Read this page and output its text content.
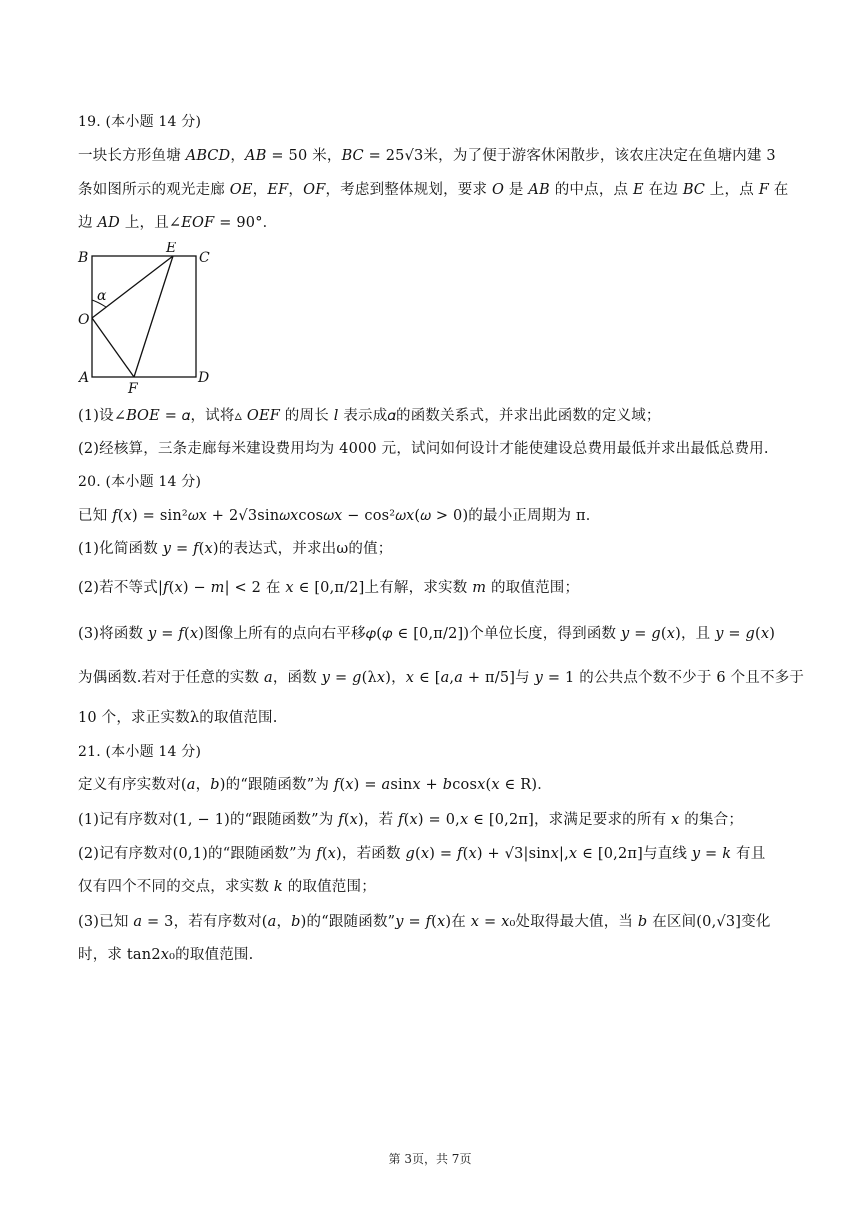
19. (本小题 14 分)
一块长方形鱼塘 𝐴𝐵𝐶𝐷，𝐴𝐵 = 50 米，𝐵𝐶 = 25√3米，为了便于游客休闲散步，该农庄决定在鱼塘内建 3
条如图所示的观光走廊 𝑂𝐸，𝐸𝐹，𝑂𝐹，考虑到整体规划，要求 𝑂 是 𝐴𝐵 的中点，点 𝐸 在边 𝐵𝐶 上，点 𝐹 在
边 𝐴𝐷 上，且∠𝐸𝑂𝐹 = 90°．
B
E
C
α
O
A
F
D
(1)设∠𝐵𝑂𝐸 = 𝛼，试将▵ 𝑂𝐸𝐹 的周长 𝑙 表示成𝛼的函数关系式，并求出此函数的定义域；
(2)经核算，三条走廊每米建设费用均为 4000 元，试问如何设计才能使建设总费用最低并求出最低总费用.
20. (本小题 14 分)
已知 𝑓(𝑥) = sin²𝜔𝑥 + 2√3sin𝜔𝑥cos𝜔𝑥 − cos²𝜔𝑥(𝜔 > 0)的最小正周期为 π．
(1)化简函数 𝑦 = 𝑓(𝑥)的表达式，并求出ω的值；
(2)若不等式|𝑓(𝑥) − 𝑚| < 2 在 𝑥 ∈ [0,π/2]上有解，求实数 𝑚 的取值范围；
(3)将函数 𝑦 = 𝑓(𝑥)图像上所有的点向右平移𝜑(𝜑 ∈ [0,π/2])个单位长度，得到函数 𝑦 = 𝑔(𝑥)，且 𝑦 = 𝑔(𝑥)
为偶函数.若对于任意的实数 𝑎，函数 𝑦 = 𝑔(λ𝑥)，𝑥 ∈ [𝑎,𝑎 + π/5]与 𝑦 = 1 的公共点个数不少于 6 个且不多于
10 个，求正实数λ的取值范围.
21. (本小题 14 分)
定义有序实数对(𝑎，𝑏)的“跟随函数”为 𝑓(𝑥) = 𝑎sin𝑥 + 𝑏cos𝑥(𝑥 ∈ R)．
(1)记有序数对(1, − 1)的“跟随函数”为 𝑓(𝑥)，若 𝑓(𝑥) = 0,𝑥 ∈ [0,2π]，求满足要求的所有 𝑥 的集合；
(2)记有序数对(0,1)的“跟随函数”为 𝑓(𝑥)，若函数 𝑔(𝑥) = 𝑓(𝑥) + √3|sin𝑥|,𝑥 ∈ [0,2π]与直线 𝑦 = 𝑘 有且
仅有四个不同的交点，求实数 𝑘 的取值范围；
(3)已知 𝑎 = 3，若有序数对(𝑎，𝑏)的“跟随函数”𝑦 = 𝑓(𝑥)在 𝑥 = 𝑥₀处取得最大值，当 𝑏 在区间(0,√3]变化
时，求 tan2𝑥₀的取值范围.
第 3页，共 7页
